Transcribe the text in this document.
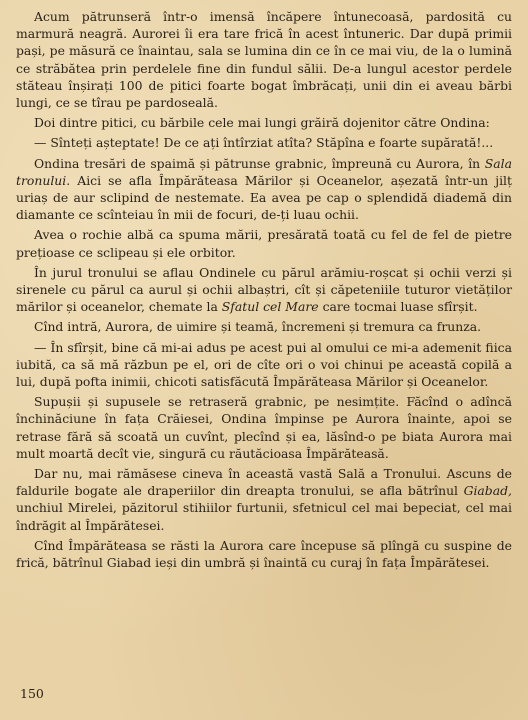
Acum pătrunseră într-o imensă încăpere întunecoasă, pardosită cu marmură neagră. Aurorei îi era tare frică în acest întuneric. Dar după primii pași, pe măsură ce înaintau, sala se lumina din ce în ce mai viu, de la o lumină ce străbătea prin perdelele fine din fundul sălii. De-a lungul acestor perdele stăteau înșirați 100 de pitici foarte bogat îmbrăcați, unii din ei aveau bărbi lungi, ce se tîrau pe pardoseală.

Doi dintre pitici, cu bărbile cele mai lungi grăiră dojenitor către Ondina:

— Sînteți așteptate! De ce ați întîrziat atîta? Stăpîna e foarte supărată!...

Ondina tresări de spaimă și pătrunse grabnic, împreună cu Aurora, în Sala tronului. Aici se afla Împărăteasa Mărilor și Oceanelor, așezată într-un jilț uriaș de aur sclipind de nestemate. Ea avea pe cap o splendidă diademă din diamante ce scînteiau în mii de focuri, de-ți luau ochii.

Avea o rochie albă ca spuma mării, presărată toată cu fel de fel de pietre prețioase ce sclipeau și ele orbitor.

În jurul tronului se aflau Ondinele cu părul arămiu-roșcat și ochii verzi și sirenele cu părul ca aurul și ochii albaștri, cît și căpeteniile tuturor vietăților mărilor și oceanelor, chemate la Sfatul cel Mare care tocmai luase sfîrșit.

Cînd intră, Aurora, de uimire și teamă, încremeni și tremura ca frunza.

— În sfîrșit, bine că mi-ai adus pe acest pui al omului ce mi-a ademenit fiica iubită, ca să mă răzbun pe el, ori de cîte ori o voi chinui pe această copilă a lui, după pofta inimii, chicoti satisfăcută Împărăteasa Mărilor și Oceanelor.

Supușii și supusele se retraseră grabnic, pe nesimțite. Făcînd o adîncă închinăciune în fața Crăiesei, Ondina împinse pe Aurora înainte, apoi se retrase fără să scoată un cuvînt, plecînd și ea, lăsînd-o pe biata Aurora mai mult moartă decît vie, singură cu răutăcioasa Împărăteasă.

Dar nu, mai rămăsese cineva în această vastă Sală a Tronului. Ascuns de faldurile bogate ale draperiilor din dreapta tronului, se afla bătrînul Giabad, unchiul Mirelei, păzitorul stihiilor furtunii, sfetnicul cel mai bepeciat, cel mai îndrăgit al Împărătesei.

Cînd Împărăteasa se răsti la Aurora care începuse să plîngă cu suspine de frică, bătrînul Giabad ieși din umbră și înaintă cu curaj în fața Împărătesei.

150
